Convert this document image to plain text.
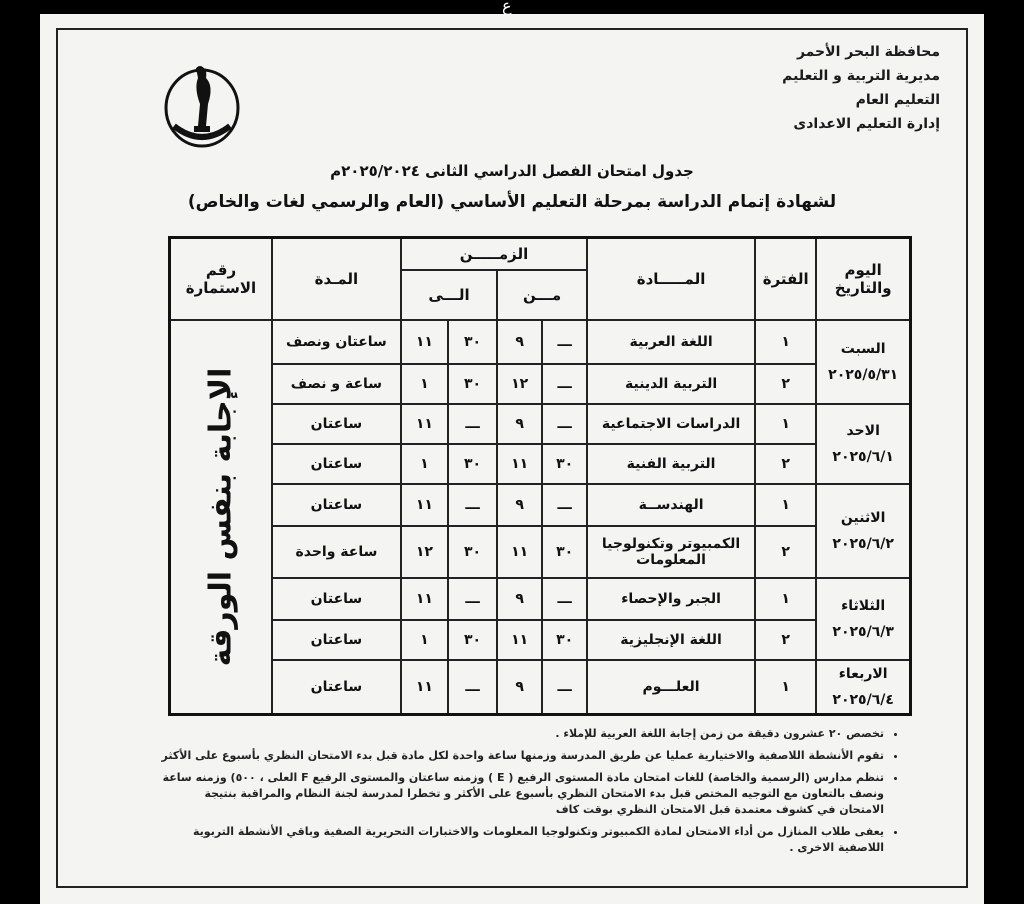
ع
محافظة البحر الأحمر
مديرية التربية و التعليم
التعليم العام
إدارة التعليم الاعدادى
جدول امتحان الفصل الدراسي الثانى ٢٠٢٥/٢٠٢٤م
لشهادة إتمام الدراسة بمرحلة التعليم الأساسي (العام والرسمي لغات والخاص)
اليوم والتاريخ	الفترة	المـــــادة	الزمـــــن				المـدة	رقم الاستمارة
			مـــن		الـــى			

السبت
٢٠٢٥/٥/٣١	١	اللغة العربية	ـــ	٩	٣٠	١١	ساعتان ونصف	الإجابة بنفس الورقة

	٢	التربية الدينية	ـــ	١٢	٣٠	١	ساعة و نصف	

الاحد
٢٠٢٥/٦/١	١	الدراسات الاجتماعية	ـــ	٩	ـــ	١١	ساعتان	
	٢	التربية الفنية	٣٠	١١	٣٠	١	ساعتان	

الاثنين
٢٠٢٥/٦/٢	١	الهندســة	ـــ	٩	ـــ	١١	ساعتان	
	٢	الكمبيوتر وتكنولوجيا المعلومات	٣٠	١١	٣٠	١٢	ساعة واحدة	

الثلاثاء
٢٠٢٥/٦/٣	١	الجبر والإحصاء	ـــ	٩	ـــ	١١	ساعتان	
	٢	اللغة الإنجليزية	٣٠	١١	٣٠	١	ساعتان	

الاربعاء
٢٠٢٥/٦/٤	١	العلـــوم	ـــ	٩	ـــ	١١	ساعتان	
• تخصص ٢٠ عشرون دقيقة من زمن إجابة اللغة العربية للإملاء .
• تقوم الأنشطة اللاصفية والاختيارية عمليا عن طريق المدرسة وزمنها ساعة واحدة لكل مادة قبل بدء الامتحان النظري بأسبوع على الأكثر
• تنظم مدارس (الرسمية والخاصة) للغات امتحان مادة المستوى الرفيع ( E ) وزمنه ساعتان والمستوى الرفيع F العلى ، ٥٠٠) وزمنه ساعة ونصف بالتعاون مع التوجيه المختص قبل بدء الامتحان النظري بأسبوع على الأكثر و تخطرا لمدرسة لجنة النظام والمراقبة بنتيجة الامتحان في كشوف معتمدة قبل الامتحان النظري بوقت كاف
• يعفى طلاب المنازل من أداء الامتحان لمادة الكمبيوتر وتكنولوجيا المعلومات والاختبارات التحريرية الصفية وباقي الأنشطة التربوية اللاصفية الاخرى .
